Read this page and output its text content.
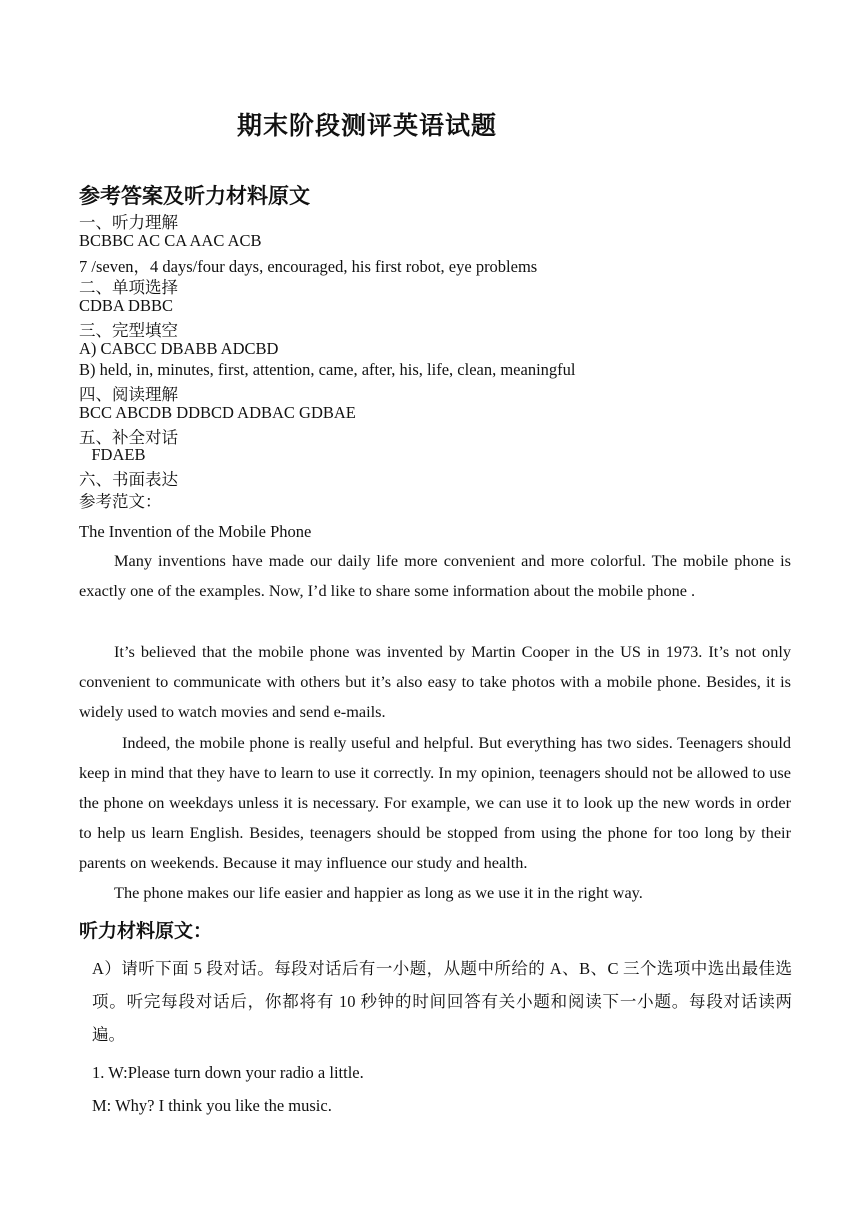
期末阶段测评英语试题
参考答案及听力材料原文
一、听力理解
BCBBC AC CA AAC ACB
7 /seven，4 days/four days, encouraged, his first robot, eye problems
二、单项选择
CDBA DBBC
三、完型填空
A) CABCC DBABB ADCBD
B) held, in, minutes, first, attention, came, after, his, life, clean, meaningful
四、阅读理解
BCC ABCDB DDBCD ADBAC GDBAE
五、补全对话
FDAEB
六、书面表达
参考范文：
The Invention of the Mobile Phone
Many inventions have made our daily life more convenient and more colorful. The mobile phone is exactly one of the examples. Now, I’d like to share some information about the mobile phone .
It’s believed that the mobile phone was invented by Martin Cooper in the US in 1973. It’s not only convenient to communicate with others but it’s also easy to take photos with a mobile phone. Besides, it is widely used to watch movies and send e-mails.
Indeed, the mobile phone is really useful and helpful. But everything has two sides. Teenagers should keep in mind that they have to learn to use it correctly. In my opinion, teenagers should not be allowed to use the phone on weekdays unless it is necessary. For example, we can use it to look up the new words in order to help us learn English. Besides, teenagers should be stopped from using the phone for too long by their parents on weekends. Because it may influence our study and health.
The phone makes our life easier and happier as long as we use it in the right way.
听力材料原文：
A）请听下面 5 段对话。每段对话后有一小题，从题中所给的 A、B、C 三个选项中选出最佳选项。听完每段对话后，你都将有 10 秒钟的时间回答有关小题和阅读下一小题。每段对话读两遍。
1. W:Please turn down your radio a little.
M: Why? I think you like the music.
